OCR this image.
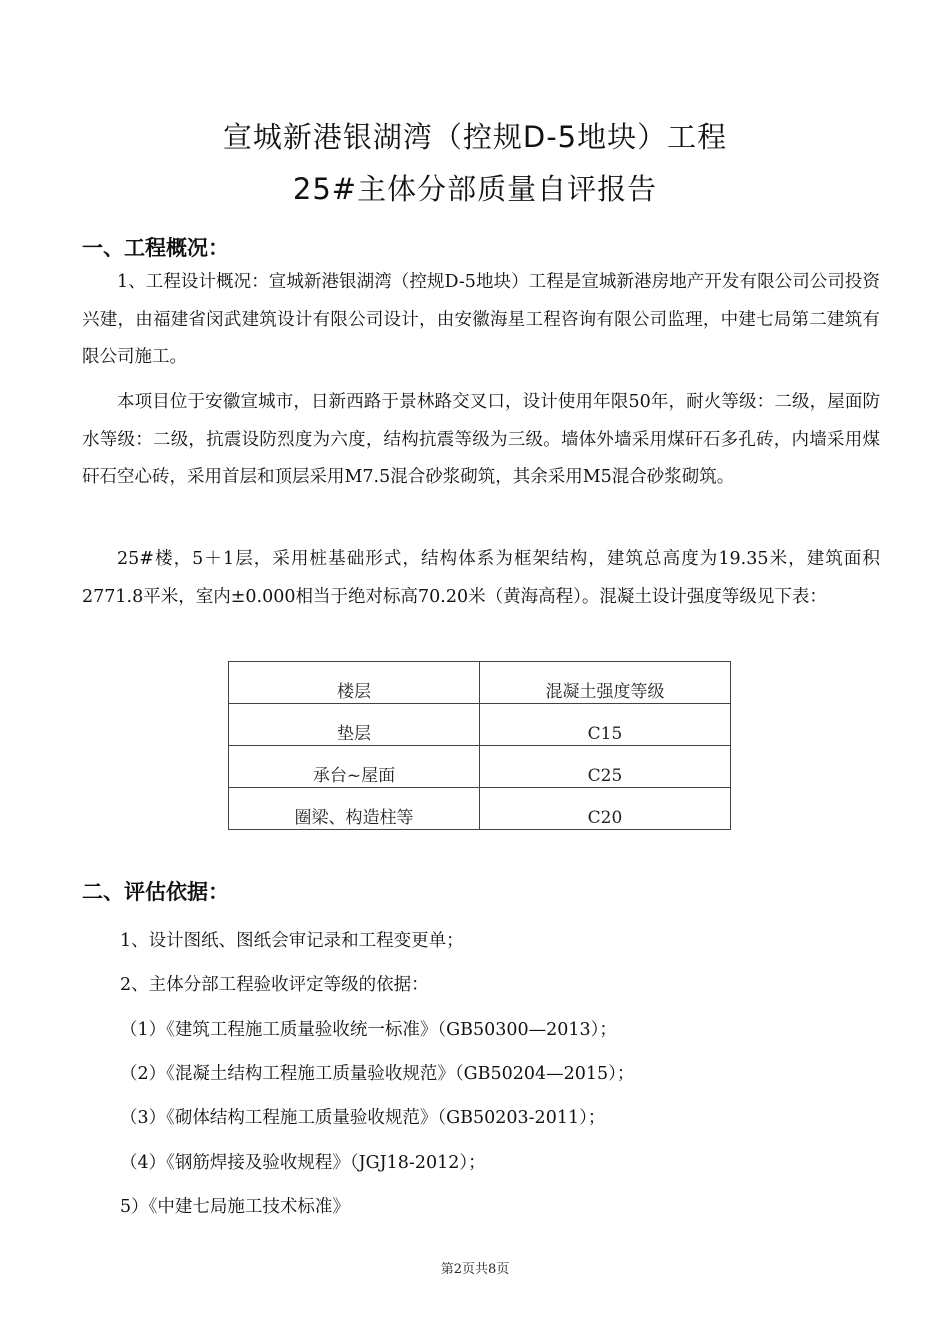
宣城新港银湖湾（控规D-5地块）工程
25#主体分部质量自评报告
一、工程概况：
1、工程设计概况：宣城新港银湖湾（控规D-5地块）工程是宣城新港房地产开发有限公司公司投资兴建，由福建省闵武建筑设计有限公司设计，由安徽海星工程咨询有限公司监理，中建七局第二建筑有限公司施工。
本项目位于安徽宣城市，日新西路于景林路交叉口，设计使用年限50年，耐火等级：二级，屋面防水等级：二级，抗震设防烈度为六度，结构抗震等级为三级。墙体外墙采用煤矸石多孔砖，内墙采用煤矸石空心砖，采用首层和顶层采用M7.5混合砂浆砌筑，其余采用M5混合砂浆砌筑。
25#楼，5＋1层，采用桩基础形式，结构体系为框架结构，建筑总高度为19.35米，建筑面积2771.8平米，室内±0.000相当于绝对标高70.20米（黄海高程）。混凝土设计强度等级见下表：
楼层	混凝土强度等级
垫层	C15
承台~屋面	C25
圈梁、构造柱等	C20
二、评估依据：
1、设计图纸、图纸会审记录和工程变更单；
2、主体分部工程验收评定等级的依据：
（1）《建筑工程施工质量验收统一标准》（GB50300—2013）；
（2）《混凝土结构工程施工质量验收规范》（GB50204—2015）；
（3）《砌体结构工程施工质量验收规范》（GB50203-2011）；
（4）《钢筋焊接及验收规程》（JGJ18-2012）；
5）《中建七局施工技术标准》
第2页共8页
